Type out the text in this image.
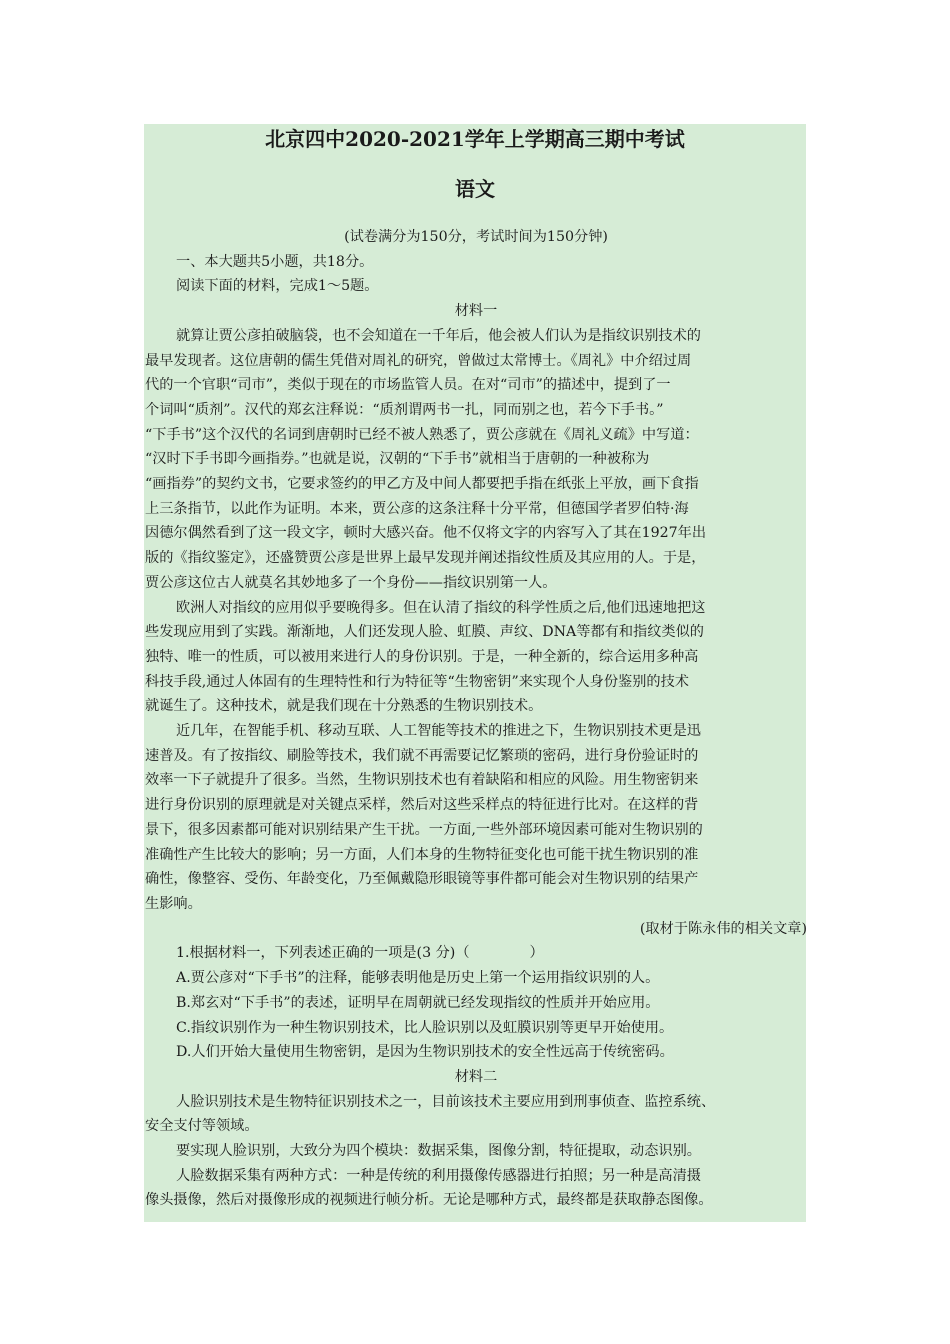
北京四中2020-2021学年上学期高三期中考试
语文

(试卷满分为150分，考试时间为150分钟)

一、本大题共5小题，共18分。

阅读下面的材料，完成1～5题。

材料一

就算让贾公彦拍破脑袋，也不会知道在一千年后，他会被人们认为是指纹识别技术的

最早发现者。这位唐朝的儒生凭借对周礼的研究，曾做过太常博士。《周礼》中介绍过周

代的一个官职“司市”，类似于现在的市场监管人员。在对“司市”的描述中，提到了一

个词叫“质剂”。汉代的郑玄注释说：“质剂谓两书一扎，同而别之也，若今下手书。”

“下手书”这个汉代的名词到唐朝时已经不被人熟悉了，贾公彦就在《周礼义疏》中写道：

“汉时下手书即今画指券。”也就是说，汉朝的“下手书”就相当于唐朝的一种被称为

“画指券”的契约文书，它要求签约的甲乙方及中间人都要把手指在纸张上平放，画下食指

上三条指节，以此作为证明。本来，贾公彦的这条注释十分平常，但德国学者罗伯特·海

因德尔偶然看到了这一段文字，顿时大感兴奋。他不仅将文字的内容写入了其在1927年出

版的《指纹鉴定》，还盛赞贾公彦是世界上最早发现并阐述指纹性质及其应用的人。于是，

贾公彦这位古人就莫名其妙地多了一个身份——指纹识别第一人。

欧洲人对指纹的应用似乎要晚得多。但在认清了指纹的科学性质之后,他们迅速地把这

些发现应用到了实践。渐渐地，人们还发现人脸、虹膜、声纹、DNA等都有和指纹类似的

独特、唯一的性质，可以被用来进行人的身份识别。于是，一种全新的，综合运用多种高

科技手段,通过人体固有的生理特性和行为特征等“生物密钥”来实现个人身份鉴别的技术

就诞生了。这种技术，就是我们现在十分熟悉的生物识别技术。

近几年，在智能手机、移动互联、人工智能等技术的推进之下，生物识别技术更是迅

速普及。有了按指纹、刷脸等技术，我们就不再需要记忆繁琐的密码，进行身份验证时的

效率一下子就提升了很多。当然，生物识别技术也有着缺陷和相应的风险。用生物密钥来

进行身份识别的原理就是对关键点采样，然后对这些采样点的特征进行比对。在这样的背

景下，很多因素都可能对识别结果产生干扰。一方面,一些外部环境因素可能对生物识别的

准确性产生比较大的影响；另一方面，人们本身的生物特征变化也可能干扰生物识别的准

确性，像整容、受伤、年龄变化，乃至佩戴隐形眼镜等事件都可能会对生物识别的结果产

生影响。

(取材于陈永伟的相关文章)

1.根据材料一，下列表述正确的一项是(3 分)（	）

A.贾公彦对“下手书”的注释，能够表明他是历史上第一个运用指纹识别的人。

B.郑玄对“下手书”的表述，证明早在周朝就已经发现指纹的性质并开始应用。

C.指纹识别作为一种生物识别技术，比人脸识别以及虹膜识别等更早开始使用。

D.人们开始大量使用生物密钥，是因为生物识别技术的安全性远高于传统密码。

材料二

人脸识别技术是生物特征识别技术之一，目前该技术主要应用到刑事侦查、监控系统、

安全支付等领域。

要实现人脸识别，大致分为四个模块：数据采集，图像分割，特征提取，动态识别。

人脸数据采集有两种方式：一种是传统的利用摄像传感器进行拍照；另一种是高清摄

像头摄像，然后对摄像形成的视频进行帧分析。无论是哪种方式，最终都是获取静态图像。
